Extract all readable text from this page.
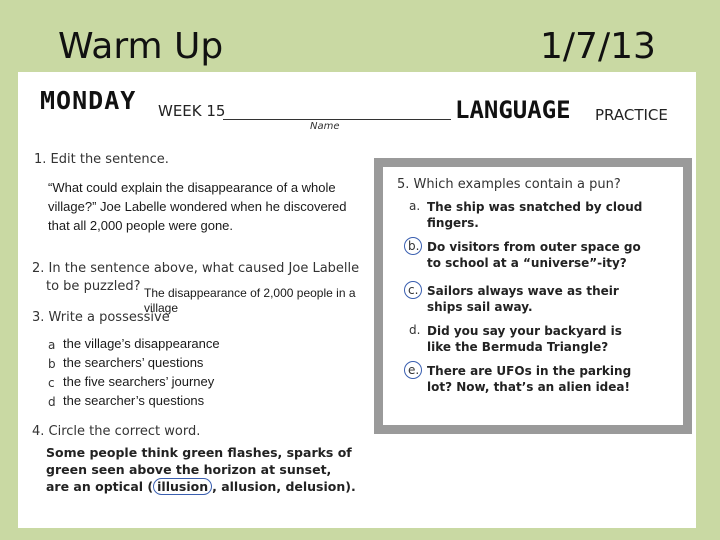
Warm Up	1/7/13
MONDAY WEEK 15
Name
LANGUAGE PRACTICE
1. Edit the sentence.
“What could explain the disappearance of a whole village?” Joe Labelle wondered when he discovered that all 2,000 people were gone.
2. In the sentence above, what caused Joe Labelle
to be puzzled? The disappearance of 2,000 people in a village
3. Write a possessive
a
b
c
d
the village’s disappearance
the searchers’ questions
the five searchers’ journey
the searcher’s questions
4. Circle the correct word.
Some people think green flashes, sparks of green seen above the horizon at sunset, are an optical ( illusion , allusion, delusion).
5. Which examples contain a pun?
a. The ship was snatched by cloud fingers.
b. Do visitors from outer space go to school at a “universe”-ity?
c. Sailors always wave as their ships sail away.
d. Did you say your backyard is like the Bermuda Triangle?
e. There are UFOs in the parking lot? Now, that’s an alien idea!
